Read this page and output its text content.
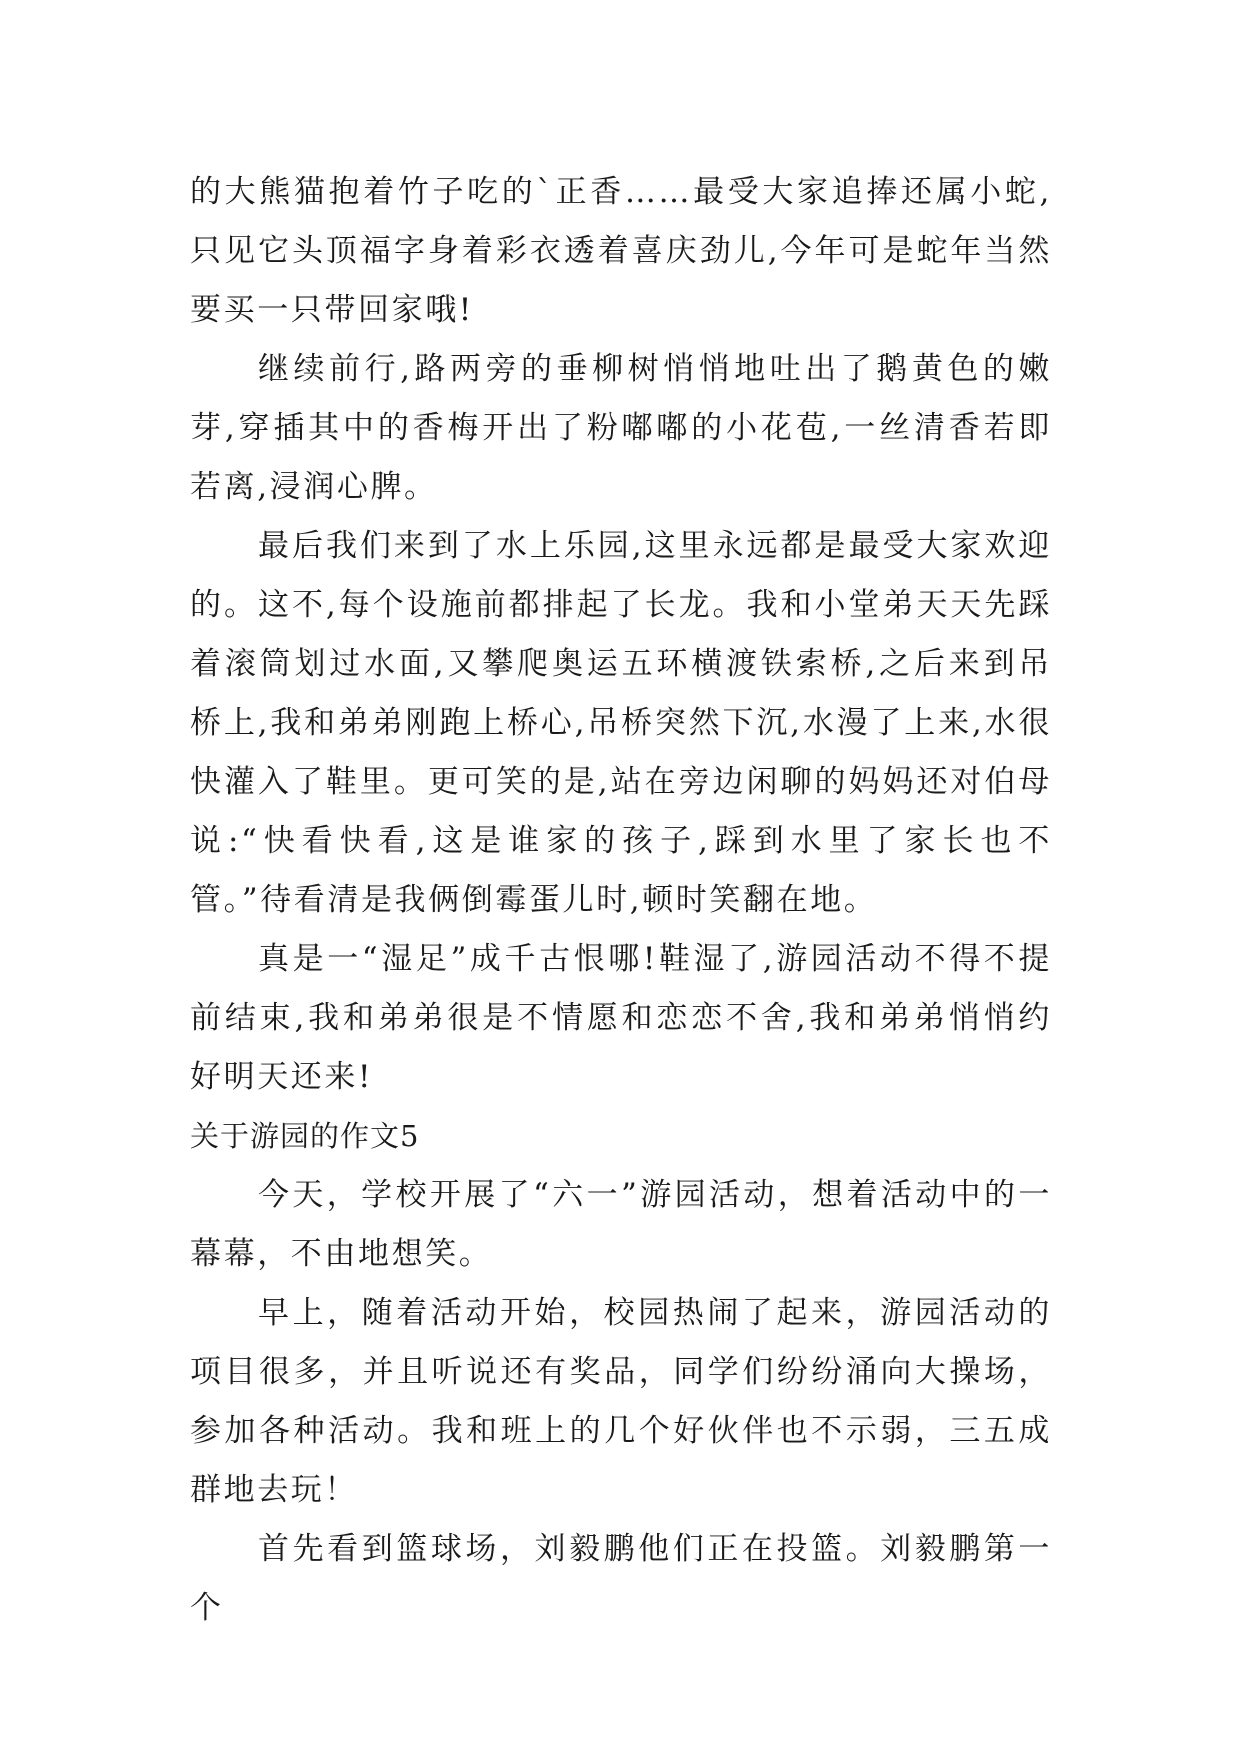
的大熊猫抱着竹子吃的`正香……最受大家追捧还属小蛇,只见它头顶福字身着彩衣透着喜庆劲儿,今年可是蛇年当然要买一只带回家哦!

继续前行,路两旁的垂柳树悄悄地吐出了鹅黄色的嫩芽,穿插其中的香梅开出了粉嘟嘟的小花苞,一丝清香若即若离,浸润心脾。

最后我们来到了水上乐园,这里永远都是最受大家欢迎的。这不,每个设施前都排起了长龙。我和小堂弟天天先踩着滚筒划过水面,又攀爬奥运五环横渡铁索桥,之后来到吊桥上,我和弟弟刚跑上桥心,吊桥突然下沉,水漫了上来,水很快灌入了鞋里。更可笑的是,站在旁边闲聊的妈妈还对伯母说:“快看快看,这是谁家的孩子,踩到水里了家长也不管。”待看清是我俩倒霉蛋儿时,顿时笑翻在地。

真是一“湿足”成千古恨哪!鞋湿了,游园活动不得不提前结束,我和弟弟很是不情愿和恋恋不舍,我和弟弟悄悄约好明天还来!

关于游园的作文5

今天，学校开展了“六一”游园活动，想着活动中的一幕幕，不由地想笑。

早上，随着活动开始，校园热闹了起来，游园活动的项目很多，并且听说还有奖品，同学们纷纷涌向大操场，参加各种活动。我和班上的几个好伙伴也不示弱，三五成群地去玩！

首先看到篮球场，刘毅鹏他们正在投篮。刘毅鹏第一个
